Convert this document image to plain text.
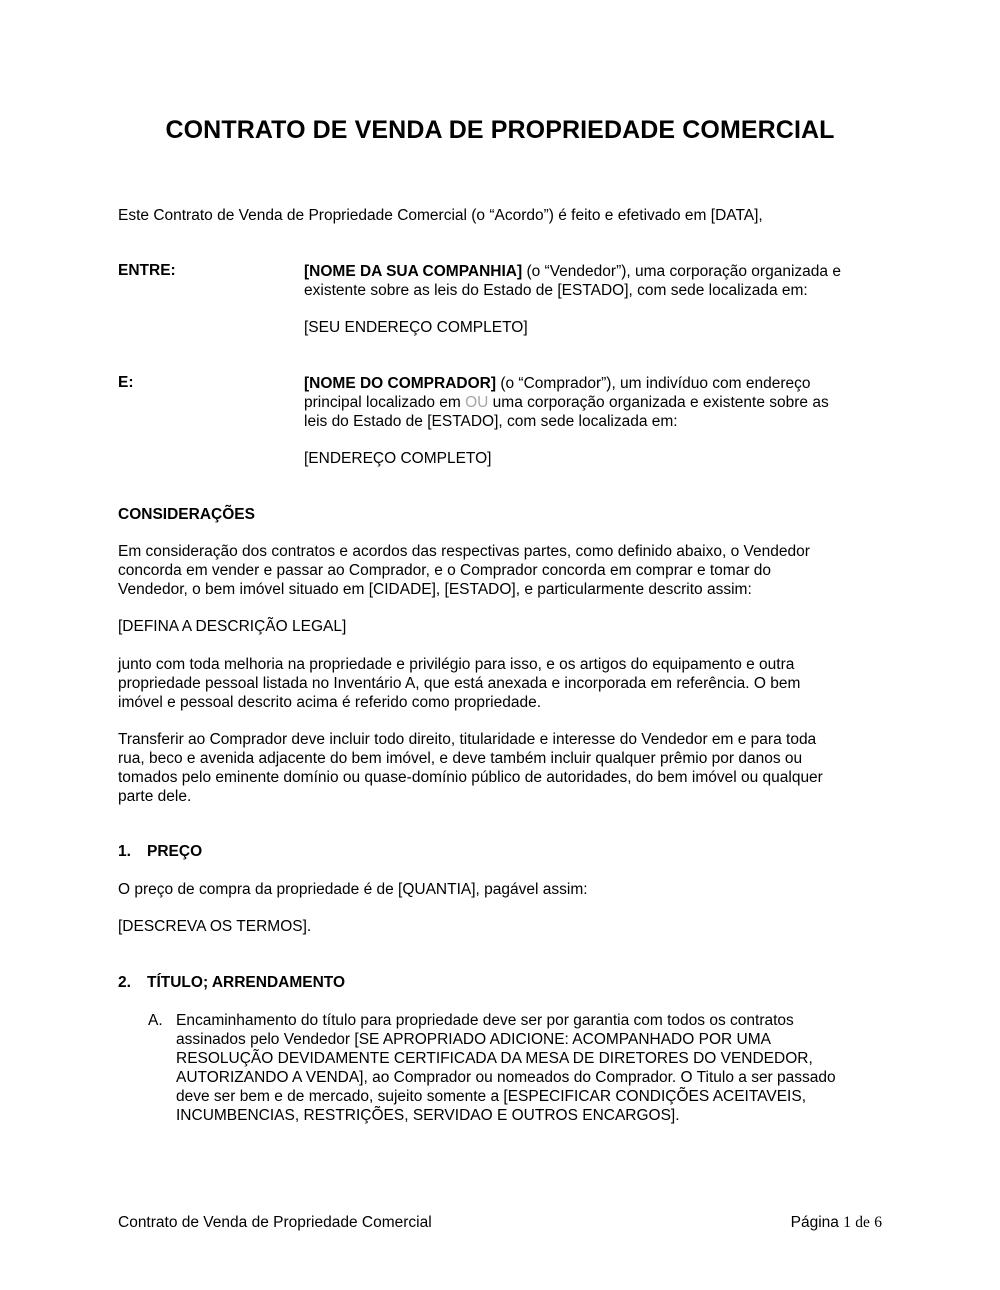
CONTRATO DE VENDA DE PROPRIEDADE COMERCIAL
Este Contrato de Venda de Propriedade Comercial (o “Acordo”) é feito e efetivado em [DATA],
ENTRE:	[NOME DA SUA COMPANHIA] (o “Vendedor”), uma corporação organizada e
existente sobre as leis do Estado de [ESTADO], com sede localizada em:
[SEU ENDEREÇO COMPLETO]
E:	[NOME DO COMPRADOR] (o “Comprador”), um indivíduo com endereço
principal localizado em OU uma corporação organizada e existente sobre as
leis do Estado de [ESTADO], com sede localizada em:
[ENDEREÇO COMPLETO]
CONSIDERAÇÕES
Em consideração dos contratos e acordos das respectivas partes, como definido abaixo, o Vendedor
concorda em vender e passar ao Comprador, e o Comprador concorda em comprar e tomar do
Vendedor, o bem imóvel situado em [CIDADE], [ESTADO], e particularmente descrito assim:
[DEFINA A DESCRIÇÃO LEGAL]
junto com toda melhoria na propriedade e privilégio para isso, e os artigos do equipamento e outra
propriedade pessoal listada no Inventário A, que está anexada e incorporada em referência. O bem
imóvel e pessoal descrito acima é referido como propriedade.
Transferir ao Comprador deve incluir todo direito, titularidade e interesse do Vendedor em e para toda
rua, beco e avenida adjacente do bem imóvel, e deve também incluir qualquer prêmio por danos ou
tomados pelo eminente domínio ou quase-domínio público de autoridades, do bem imóvel ou qualquer
parte dele.
1. PREÇO
O preço de compra da propriedade é de [QUANTIA], pagável assim:
[DESCREVA OS TERMOS].
2. TÍTULO; ARRENDAMENTO
A. Encaminhamento do título para propriedade deve ser por garantia com todos os contratos
assinados pelo Vendedor [SE APROPRIADO ADICIONE: ACOMPANHADO POR UMA
RESOLUÇÃO DEVIDAMENTE CERTIFICADA DA MESA DE DIRETORES DO VENDEDOR,
AUTORIZANDO A VENDA], ao Comprador ou nomeados do Comprador. O Titulo a ser passado
deve ser bem e de mercado, sujeito somente a [ESPECIFICAR CONDIÇÕES ACEITAVEIS,
INCUMBENCIAS, RESTRIÇÕES, SERVIDAO E OUTROS ENCARGOS].
Contrato de Venda de Propriedade Comercial	Página 1 de 6
